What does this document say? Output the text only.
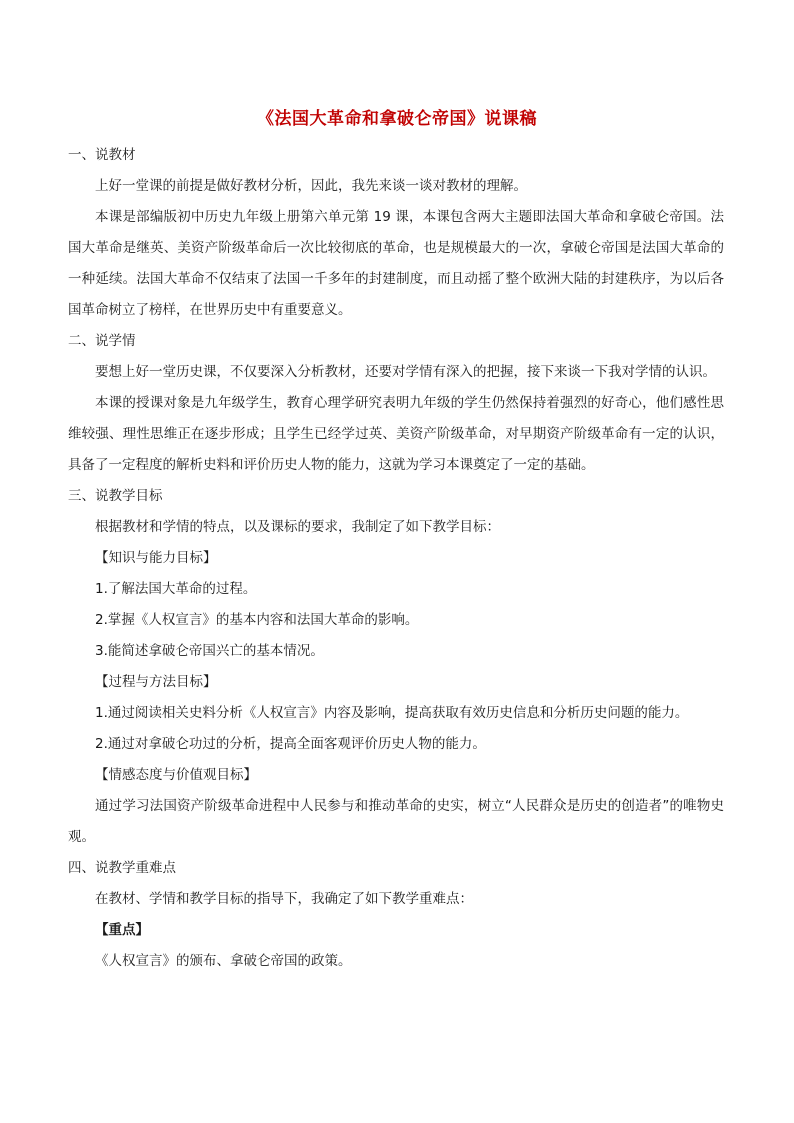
《法国大革命和拿破仑帝国》说课稿

一、说教材

上好一堂课的前提是做好教材分析，因此，我先来谈一谈对教材的理解。

本课是部编版初中历史九年级上册第六单元第 19 课，本课包含两大主题即法国大革命和拿破仑帝国。法国大革命是继英、美资产阶级革命后一次比较彻底的革命，也是规模最大的一次，拿破仑帝国是法国大革命的一种延续。法国大革命不仅结束了法国一千多年的封建制度，而且动摇了整个欧洲大陆的封建秩序，为以后各国革命树立了榜样，在世界历史中有重要意义。

二、说学情

要想上好一堂历史课，不仅要深入分析教材，还要对学情有深入的把握，接下来谈一下我对学情的认识。

本课的授课对象是九年级学生，教育心理学研究表明九年级的学生仍然保持着强烈的好奇心，他们感性思维较强、理性思维正在逐步形成；且学生已经学过英、美资产阶级革命，对早期资产阶级革命有一定的认识，具备了一定程度的解析史料和评价历史人物的能力，这就为学习本课奠定了一定的基础。

三、说教学目标

根据教材和学情的特点，以及课标的要求，我制定了如下教学目标：

【知识与能力目标】

1.了解法国大革命的过程。

2.掌握《人权宣言》的基本内容和法国大革命的影响。

3.能简述拿破仑帝国兴亡的基本情况。

【过程与方法目标】

1.通过阅读相关史料分析《人权宣言》内容及影响，提高获取有效历史信息和分析历史问题的能力。

2.通过对拿破仑功过的分析，提高全面客观评价历史人物的能力。

【情感态度与价值观目标】

通过学习法国资产阶级革命进程中人民参与和推动革命的史实，树立“人民群众是历史的创造者”的唯物史观。

四、说教学重难点

在教材、学情和教学目标的指导下，我确定了如下教学重难点：

【重点】

《人权宣言》的颁布、拿破仑帝国的政策。
